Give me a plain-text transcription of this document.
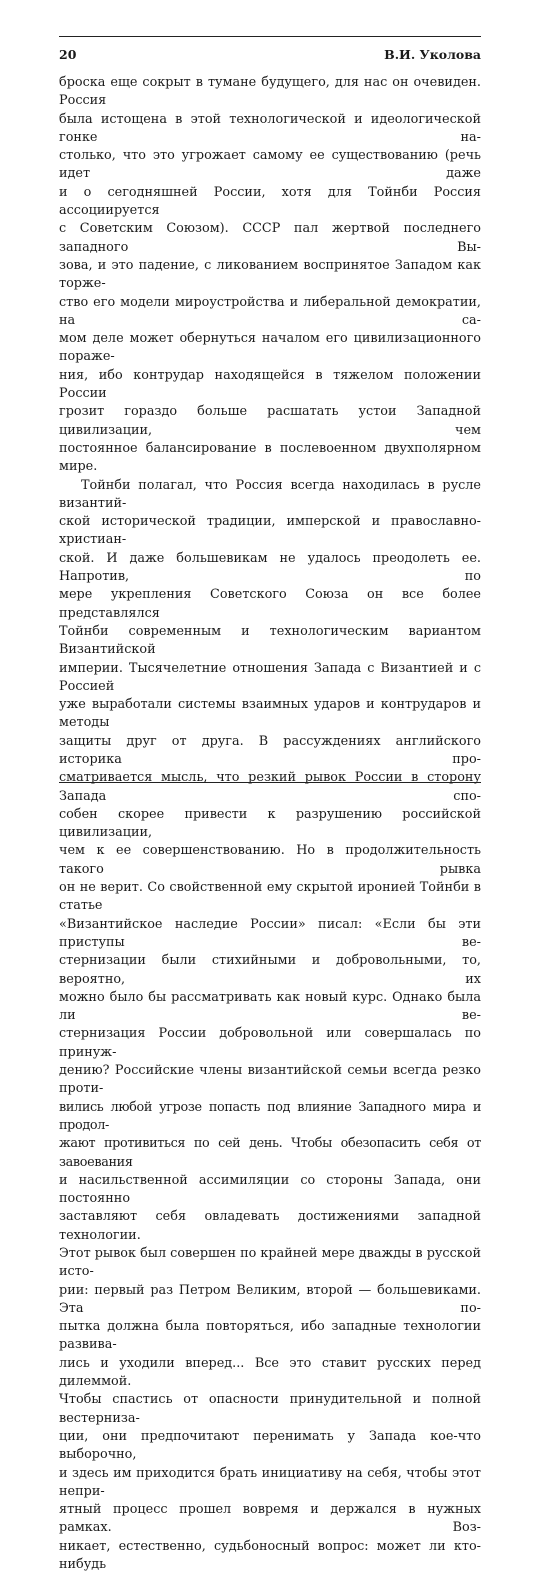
20	В.И. Уколова

броска еще сокрыт в тумане будущего, для нас он очевиден. Россия

была истощена в этой технологической и идеологической гонке на-

столько, что это угрожает самому ее существованию (речь идет даже

и о сегодняшней России, хотя для Тойнби Россия ассоциируется

с Советским Союзом). СССР пал жертвой последнего западного Вы-

зова, и это падение, с ликованием воспринятое Западом как торже-

ство его модели мироустройства и либеральной демократии, на са-

мом деле может обернуться началом его цивилизационного пораже-

ния, ибо контрудар находящейся в тяжелом положении России

грозит гораздо больше расшатать устои Западной цивилизации, чем

постоянное балансирование в послевоенном двухполярном мире.

Тойнби полагал, что Россия всегда находилась в русле византий-

ской исторической традиции, имперской и православно-христиан-

ской. И даже большевикам не удалось преодолеть ее. Напротив, по

мере укрепления Советского Союза он все более представлялся

Тойнби современным и технологическим вариантом Византийской

империи. Тысячелетние отношения Запада с Византией и с Россией

уже выработали системы взаимных ударов и контрударов и методы

защиты друг от друга. В рассуждениях английского историка про-

сматривается мысль, что резкий рывок России в сторону Запада спо-

собен скорее привести к разрушению российской цивилизации,

чем к ее совершенствованию. Но в продолжительность такого рывка

он не верит. Со свойственной ему скрытой иронией Тойнби в статье

«Византийское наследие России» писал: «Если бы эти приступы ве-

стернизации были стихийными и добровольными, то, вероятно, их

можно было бы рассматривать как новый курс. Однако была ли ве-

стернизация России добровольной или совершалась по принуж-

дению? Российские члены византийской семьи всегда резко проти-

вились любой угрозе попасть под влияние Западного мира и продол-

жают противиться по сей день. Чтобы обезопасить себя от завоевания

и насильственной ассимиляции со стороны Запада, они постоянно

заставляют себя овладевать достижениями западной технологии.

Этот рывок был совершен по крайней мере дважды в русской исто-

рии: первый раз Петром Великим, второй — большевиками. Эта по-

пытка должна была повторяться, ибо западные технологии развива-

лись и уходили вперед... Все это ставит русских перед дилеммой.

Чтобы спастись от опасности принудительной и полной вестерниза-

ции, они предпочитают перенимать у Запада кое-что выборочно,

и здесь им приходится брать инициативу на себя, чтобы этот непри-

ятный процесс прошел вовремя и держался в нужных рамках. Воз-

никает, естественно, судьбоносный вопрос: может ли кто-нибудь
